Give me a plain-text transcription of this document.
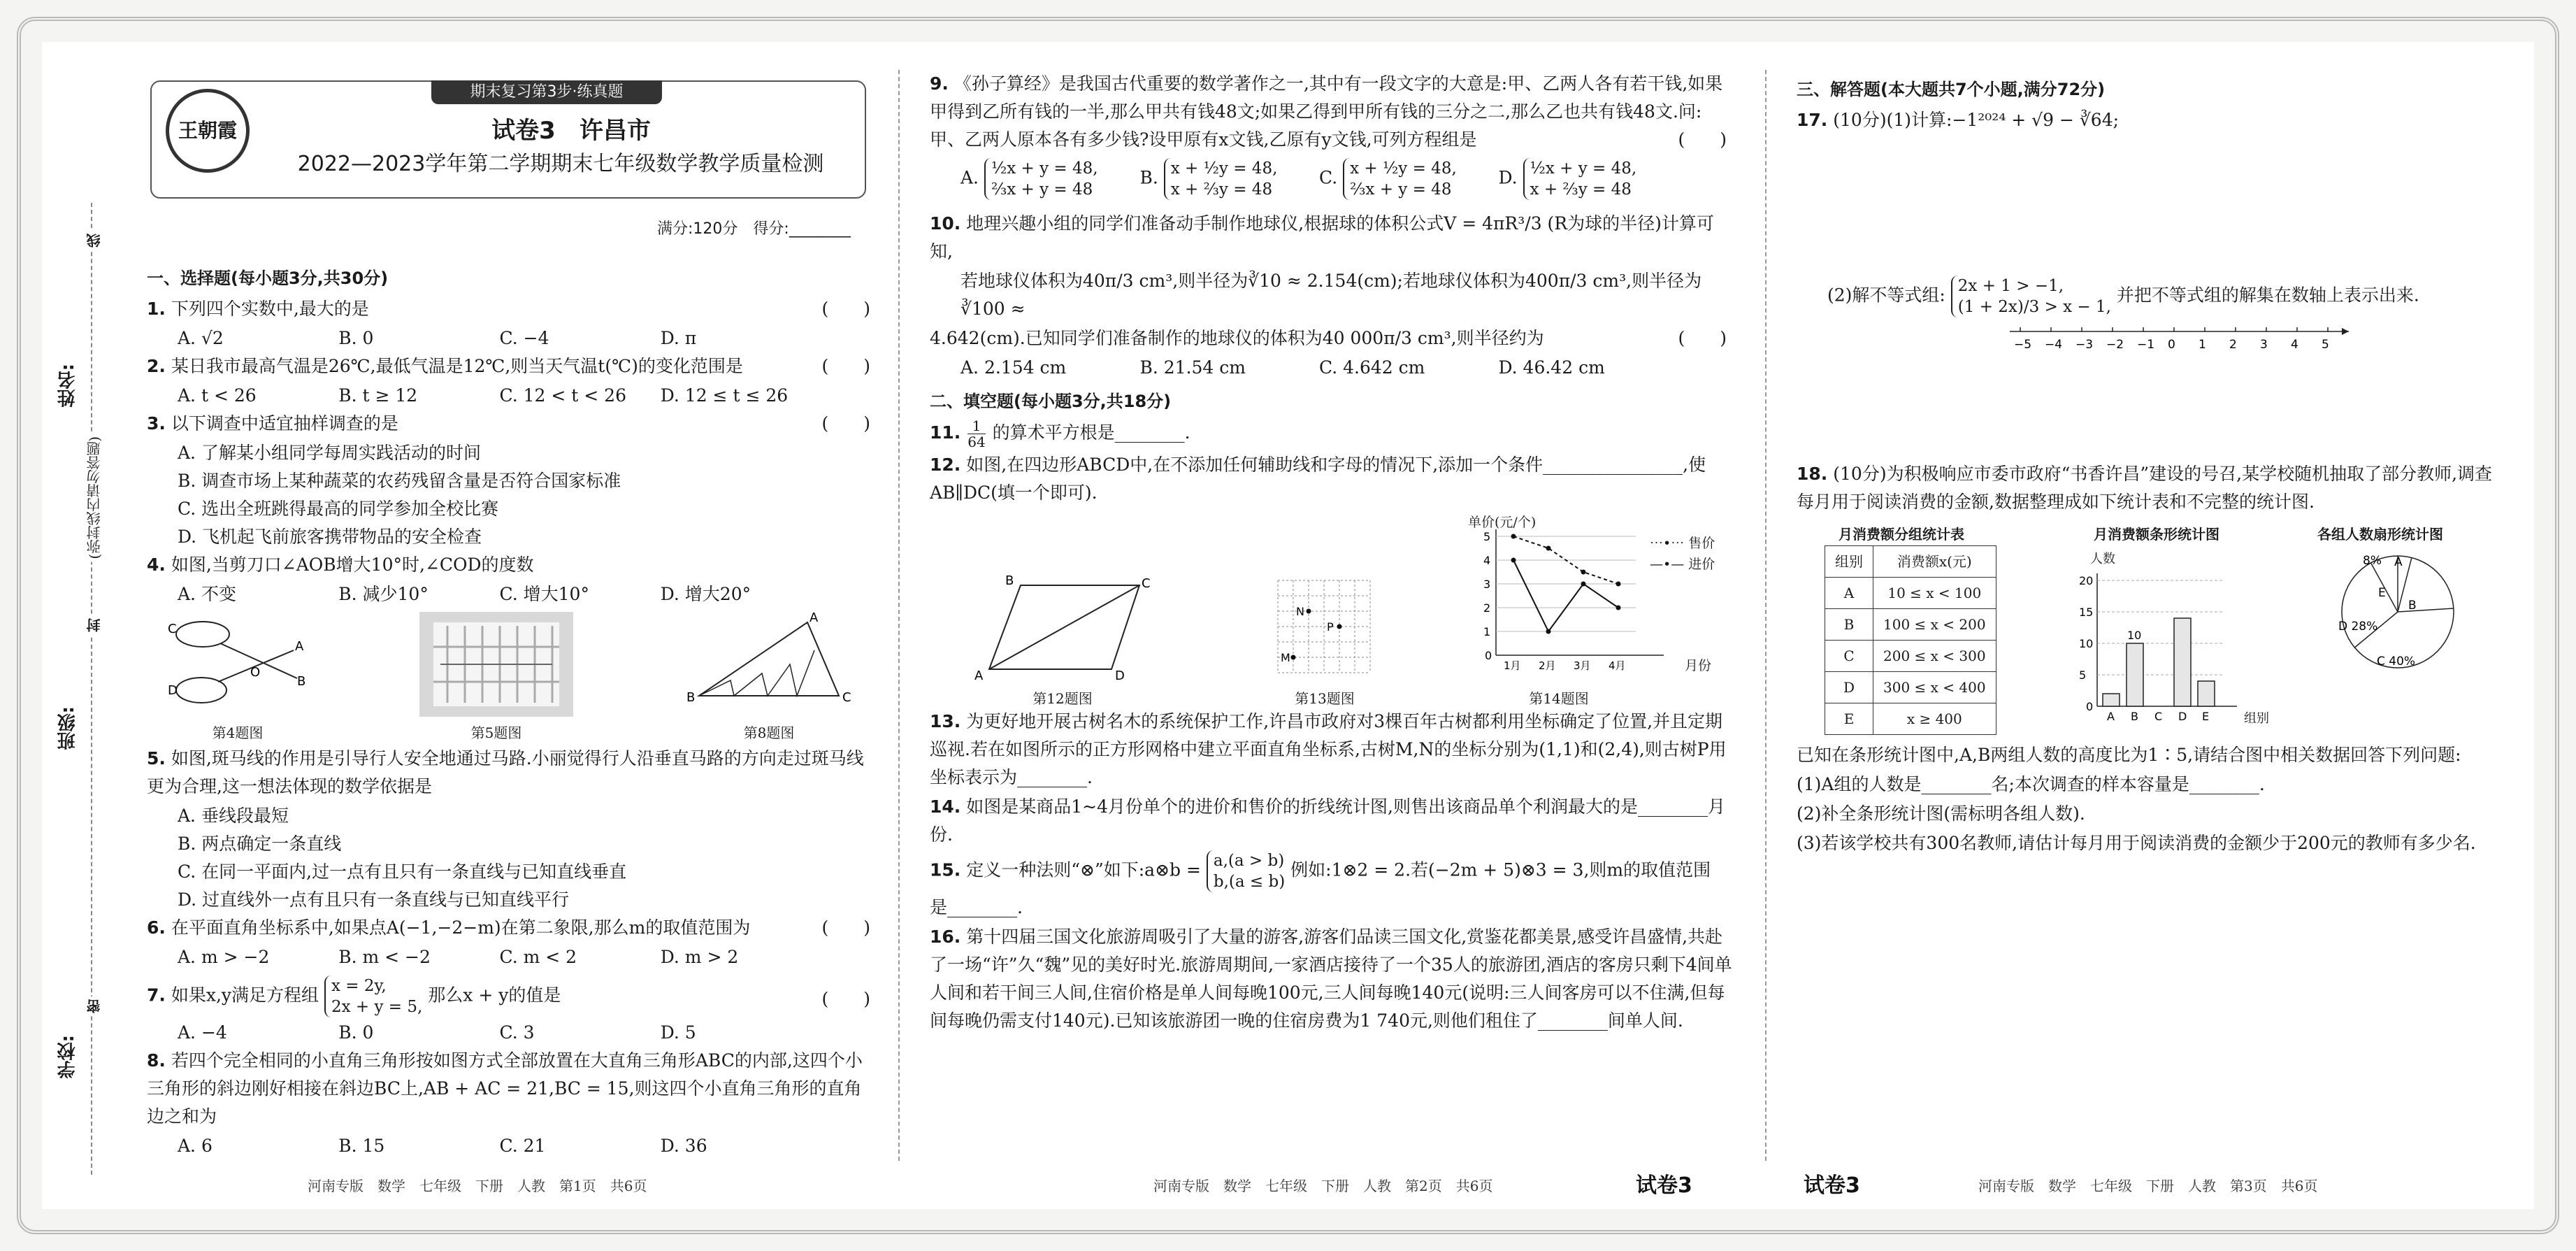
姓名:
班级:
学校:
(弥封线内请勿答题)
线
封
密
期末复习第3步·练真题
王朝霞	试卷3　许昌市
2022—2023学年第二学期期末七年级数学教学质量检测
满分:120分　得分:________
一、选择题(每小题3分,共30分)
1. 下列四个实数中,最大的是	(　　)
A. √2	B. 0	C. −4	D. π
2. 某日我市最高气温是26℃,最低气温是12℃,则当天气温t(℃)的变化范围是	(　　)
A. t < 26	B. t ≥ 12	C. 12 < t < 26	D. 12 ≤ t ≤ 26
3. 以下调查中适宜抽样调查的是	(　　)
A. 了解某小组同学每周实践活动的时间
B. 调查市场上某种蔬菜的农药残留含量是否符合国家标准
C. 选出全班跳得最高的同学参加全校比赛
D. 飞机起飞前旅客携带物品的安全检查
4. 如图,当剪刀口∠AOB增大10°时,∠COD的度数
A. 不变	B. 减少10°	C. 增大10°	D. 增大20°
C
D
A
B
O
第4题图	第5题图
B	C
A
第8题图
5. 如图,斑马线的作用是引导行人安全地通过马路.小丽觉得行人沿垂直马路的方向走过斑马线更为合理,这一想法体现的数学依据是
A. 垂线段最短
B. 两点确定一条直线
C. 在同一平面内,过一点有且只有一条直线与已知直线垂直
D. 过直线外一点有且只有一条直线与已知直线平行
6. 在平面直角坐标系中,如果点A(−1,−2−m)在第二象限,那么m的取值范围为	(　　)
A. m > −2	B. m < −2	C. m < 2	D. m > 2
7. 如果x,y满足方程组 x = 2y,
2x + y = 5, 那么x + y的值是	(　　)
A. −4	B. 0	C. 3	D. 5
8. 若四个完全相同的小直角三角形按如图方式全部放置在大直角三角形ABC的内部,这四个小三角形的斜边刚好相接在斜边BC上,AB + AC = 21,BC = 15,则这四个小直角三角形的直角边之和为
A. 6	B. 15	C. 21	D. 36
9. 《孙子算经》是我国古代重要的数学著作之一,其中有一段文字的大意是:甲、乙两人各有若干钱,如果甲得到乙所有钱的一半,那么甲共有钱48文;如果乙得到甲所有钱的三分之二,那么乙也共有钱48文.问:甲、乙两人原本各有多少钱?设甲原有x文钱,乙原有y文钱,可列方程组是	(　　)
A. ½x + y = 48,
⅔x + y = 48
B. x + ½y = 48,
x + ⅔y = 48
C. x + ½y = 48,
⅔x + y = 48
D. ½x + y = 48,
x + ⅔y = 48
10. 地理兴趣小组的同学们准备动手制作地球仪,根据球的体积公式V = 4πR³/3 (R为球的半径)计算可知,
若地球仪体积为40π/3 cm³,则半径为∛10 ≈ 2.154(cm);若地球仪体积为400π/3 cm³,则半径为∛100 ≈
4.642(cm).已知同学们准备制作的地球仪的体积为40 000π/3 cm³,则半径约为	(　　)
A. 2.154 cm	B. 21.54 cm	C. 4.642 cm	D. 46.42 cm
二、填空题(每小题3分,共18分)
11. $\frac{1}{64}$ 的算术平方根是________.
12. 如图,在四边形ABCD中,在不添加任何辅助线和字母的情况下,添加一个条件________________,使AB∥DC(填一个即可).
B	C
A	D
第12题图
M
N
P
第13题图
单价(元/个)
1
2
3
4
5
0
1月 2月 3月 4月	月份
⋯•⋯ 售价
—•— 进价
第14题图
13. 为更好地开展古树名木的系统保护工作,许昌市政府对3棵百年古树都利用坐标确定了位置,并且定期巡视.若在如图所示的正方形网格中建立平面直角坐标系,古树M,N的坐标分别为(1,1)和(2,4),则古树P用坐标表示为________.
14. 如图是某商品1~4月份单个的进价和售价的折线统计图,则售出该商品单个利润最大的是________月份.
15. 定义一种法则“⊗”如下:a⊗b = a,(a > b)
b,(a ≤ b) 例如:1⊗2 = 2.若(−2m + 5)⊗3 = 3,则m的取值范围
是________.
16. 第十四届三国文化旅游周吸引了大量的游客,游客们品读三国文化,赏鉴花都美景,感受许昌盛情,共赴了一场“许”久“魏”见的美好时光.旅游周期间,一家酒店接待了一个35人的旅游团,酒店的客房只剩下4间单人间和若干间三人间,住宿价格是单人间每晚100元,三人间每晚140元(说明:三人间客房可以不住满,但每间每晚仍需支付140元).已知该旅游团一晚的住宿房费为1 740元,则他们租住了________间单人间.
三、解答题(本大题共7个小题,满分72分)
17. (10分)(1)计算:−1²⁰²⁴ + √9 − ∛64;
(2)解不等式组: 2x + 1 > −1,
(1 + 2x)/3 > x − 1, 并把不等式组的解集在数轴上表示出来.
−5 −4 −3 −2 −1 0 1 2 3 4 5
18. (10分)为积极响应市委市政府“书香许昌”建设的号召,某学校随机抽取了部分教师,调查每月用于阅读消费的金额,数据整理成如下统计表和不完整的统计图.
月消费额分组统计表
组别	消费额x(元)
A	10 ≤ x < 100
B	100 ≤ x < 200
C	200 ≤ x < 300
D	300 ≤ x < 400
E	x ≥ 400
月消费额条形统计图
人数
20
15
10
5
0
A B C D E
10
组别
各组人数扇形统计图
8% A
E
B
D 28%
C 40%
已知在条形统计图中,A,B两组人数的高度比为1∶5,请结合图中相关数据回答下列问题:
(1)A组的人数是________名;本次调查的样本容量是________.
(2)补全条形统计图(需标明各组人数).
(3)若该学校共有300名教师,请估计每月用于阅读消费的金额少于200元的教师有多少名.
河南专版　数学　七年级　下册　人教　第1页　共6页	河南专版　数学　七年级　下册　人教　第2页　共6页	试卷3	试卷3	河南专版　数学　七年级　下册　人教　第3页　共6页
